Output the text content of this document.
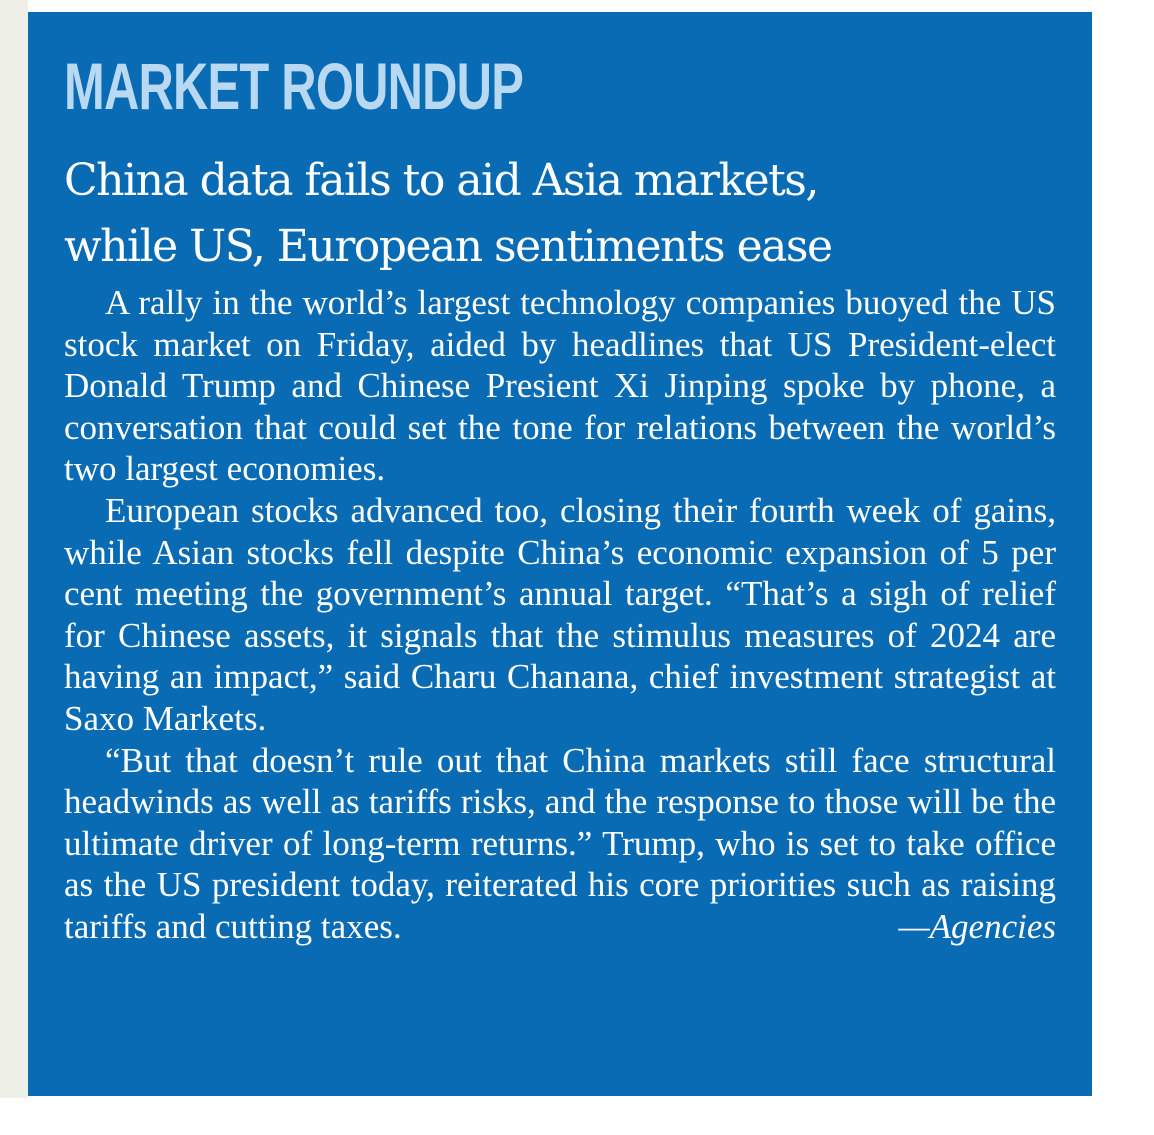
MARKET ROUNDUP
China data fails to aid Asia markets,
while US, European sentiments ease

A rally in the world’s largest technology companies buoyed the US stock market on Friday, aided by headlines that US President-elect Donald Trump and Chinese Presient Xi Jinping spoke by phone, a conversation that could set the tone for relations between the world’s two largest economies.

European stocks advanced too, closing their fourth week of gains, while Asian stocks fell despite China’s economic expansion of 5 per cent meeting the government’s annual target. “That’s a sigh of relief for Chinese assets, it signals that the stimulus measures of 2024 are having an impact,” said Charu Chanana, chief investment strategist at Saxo Markets.

“But that doesn’t rule out that China markets still face structural headwinds as well as tariffs risks, and the response to those will be the ultimate driver of long-term returns.” Trump, who is set to take office as the US president today, reiterated his core priorities such as raising tariffs and cutting taxes.	—Agencies
